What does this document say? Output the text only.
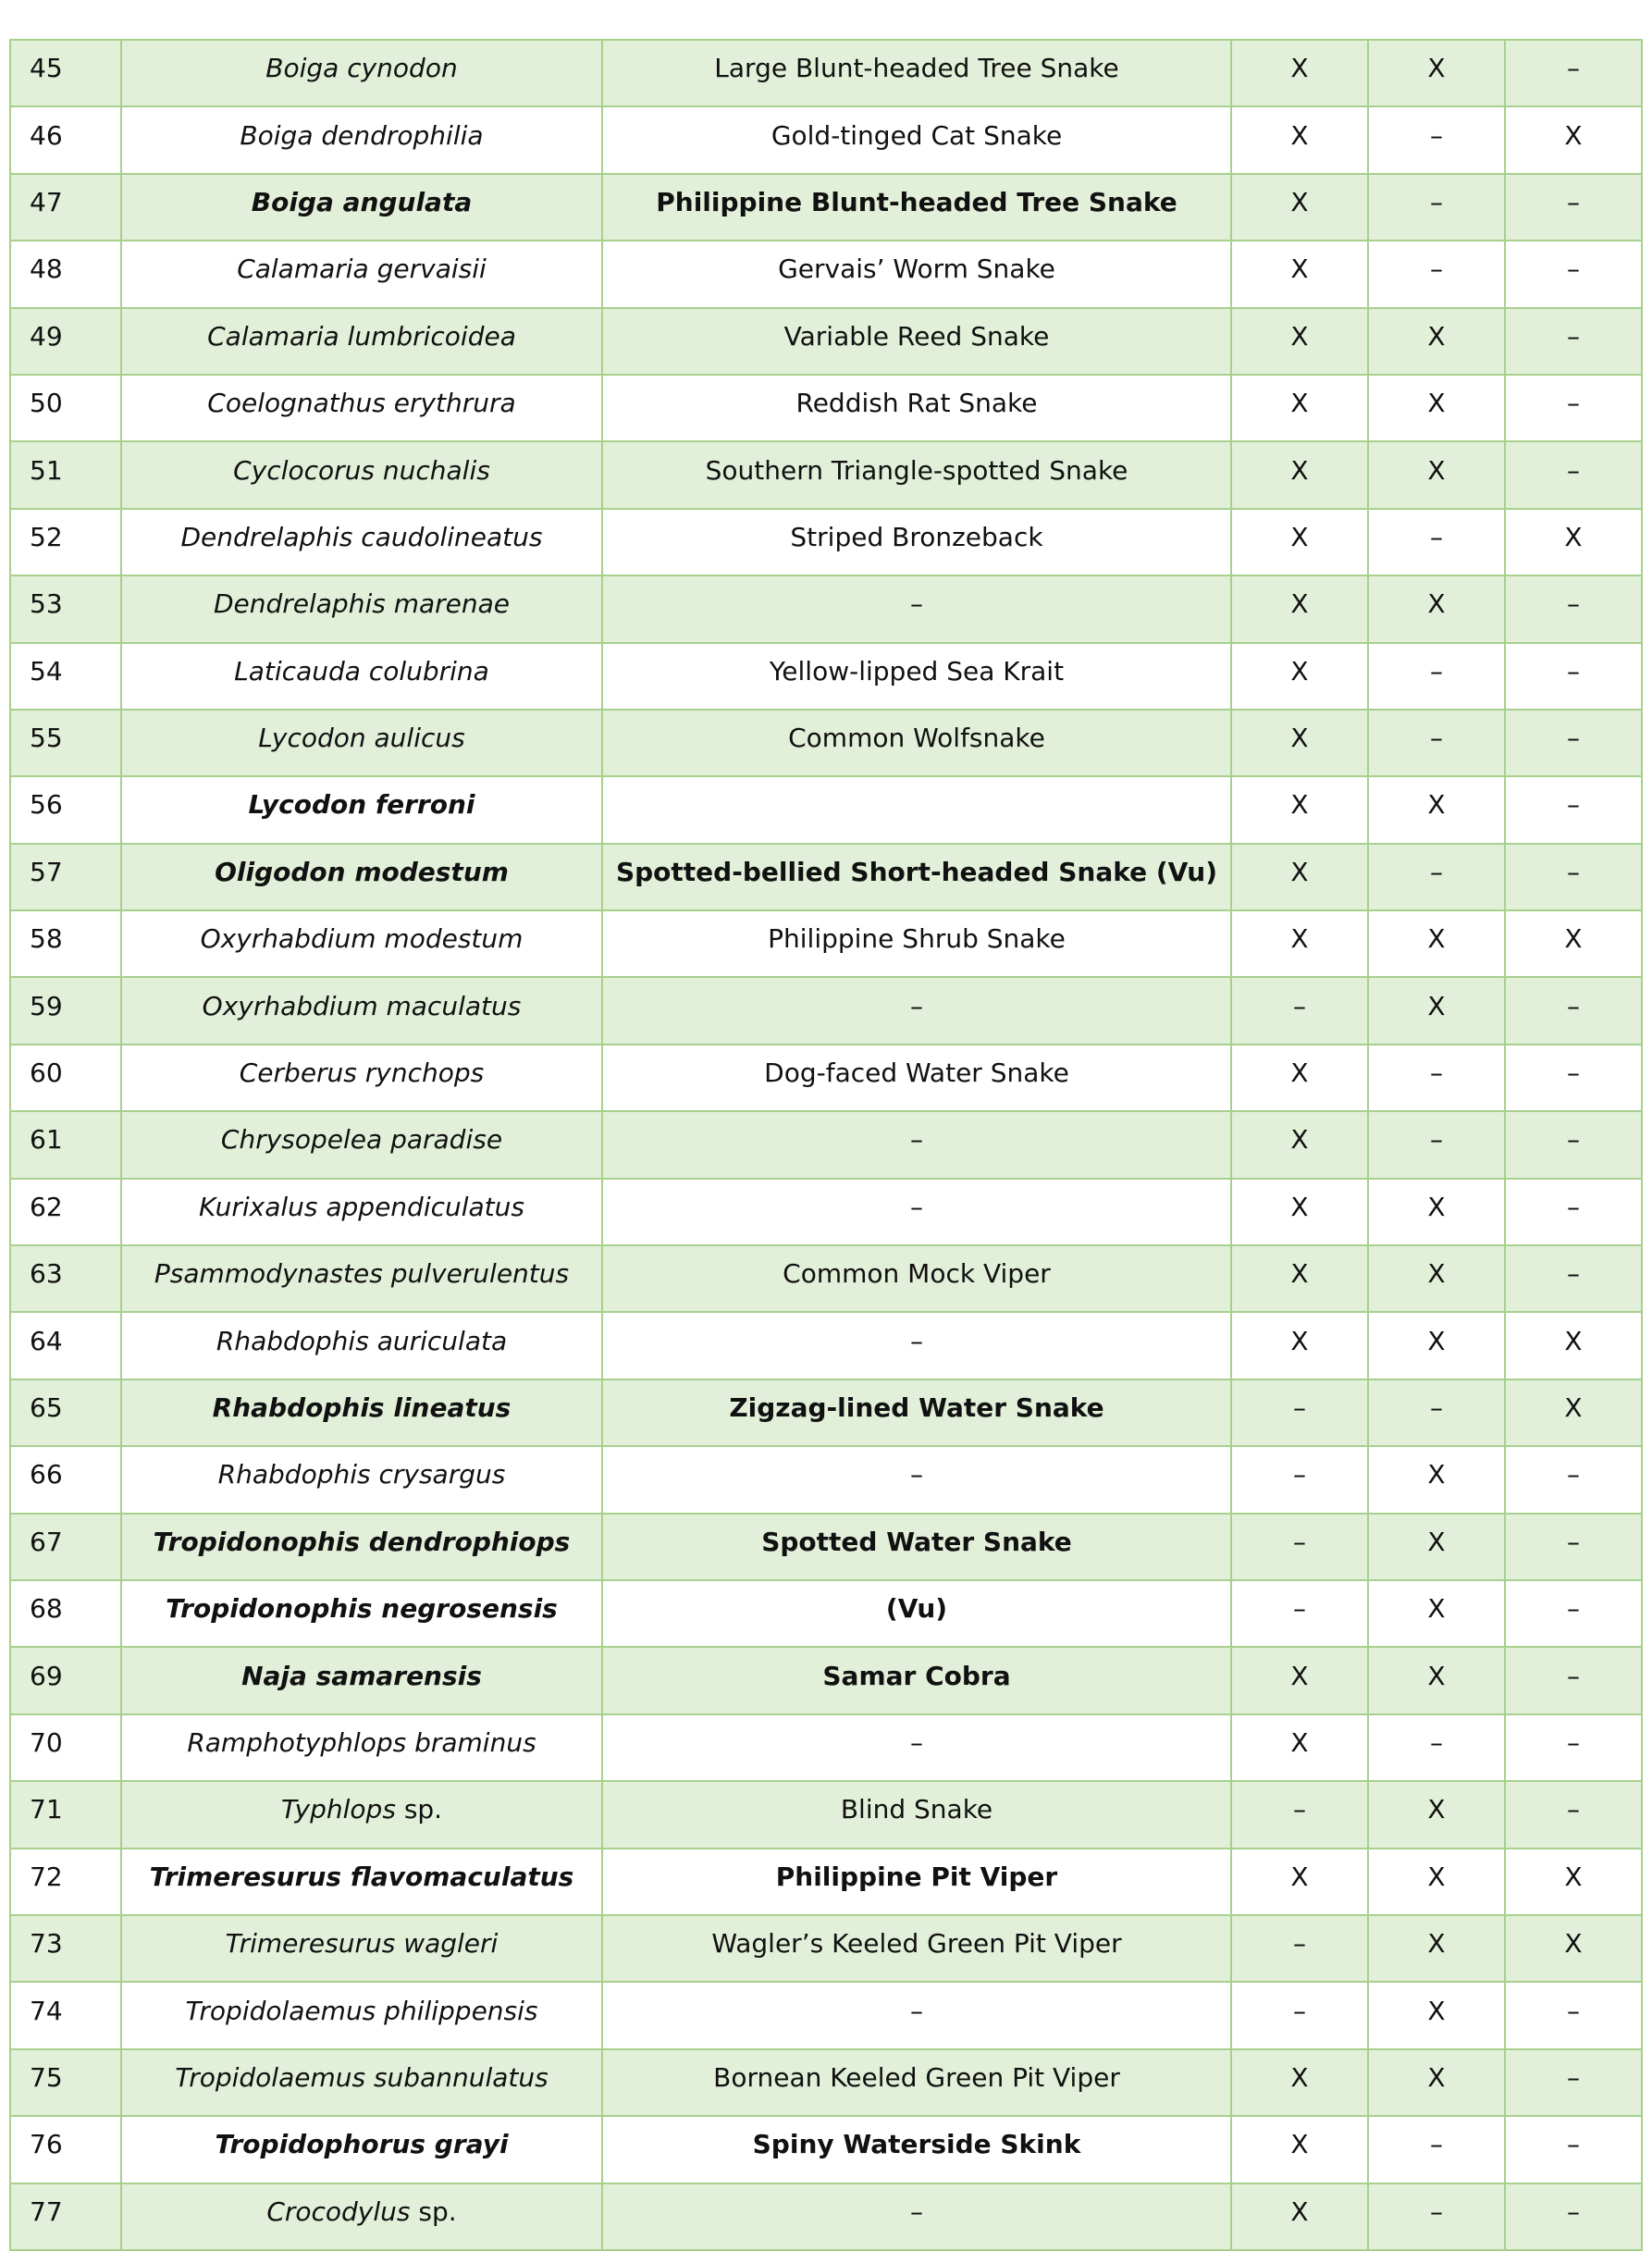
45	Boiga cynodon	Large Blunt-headed Tree Snake	X	X	–
46	Boiga dendrophilia	Gold-tinged Cat Snake	X	–	X
47	Boiga angulata	Philippine Blunt-headed Tree Snake	X	–	–
48	Calamaria gervaisii	Gervais’ Worm Snake	X	–	–
49	Calamaria lumbricoidea	Variable Reed Snake	X	X	–
50	Coelognathus erythrura	Reddish Rat Snake	X	X	–
51	Cyclocorus nuchalis	Southern Triangle-spotted Snake	X	X	–
52	Dendrelaphis caudolineatus	Striped Bronzeback	X	–	X
53	Dendrelaphis marenae	–	X	X	–
54	Laticauda colubrina	Yellow-lipped Sea Krait	X	–	–
55	Lycodon aulicus	Common Wolfsnake	X	–	–
56	Lycodon ferroni		X	X	–
57	Oligodon modestum	Spotted-bellied Short-headed Snake (Vu)	X	–	–
58	Oxyrhabdium modestum	Philippine Shrub Snake	X	X	X
59	Oxyrhabdium maculatus	–	–	X	–
60	Cerberus rynchops	Dog-faced Water Snake	X	–	–
61	Chrysopelea paradise	–	X	–	–
62	Kurixalus appendiculatus	–	X	X	–
63	Psammodynastes pulverulentus	Common Mock Viper	X	X	–
64	Rhabdophis auriculata	–	X	X	X
65	Rhabdophis lineatus	Zigzag-lined Water Snake	–	–	X
66	Rhabdophis crysargus	–	–	X	–
67	Tropidonophis dendrophiops	Spotted Water Snake	–	X	–
68	Tropidonophis negrosensis	(Vu)	–	X	–
69	Naja samarensis	Samar Cobra	X	X	–
70	Ramphotyphlops braminus	–	X	–	–
71	Typhlops sp.	Blind Snake	–	X	–
72	Trimeresurus flavomaculatus	Philippine Pit Viper	X	X	X
73	Trimeresurus wagleri	Wagler’s Keeled Green Pit Viper	–	X	X
74	Tropidolaemus philippensis	–	–	X	–
75	Tropidolaemus subannulatus	Bornean Keeled Green Pit Viper	X	X	–
76	Tropidophorus grayi	Spiny Waterside Skink	X	–	–
77	Crocodylus sp.	–	X	–	–
